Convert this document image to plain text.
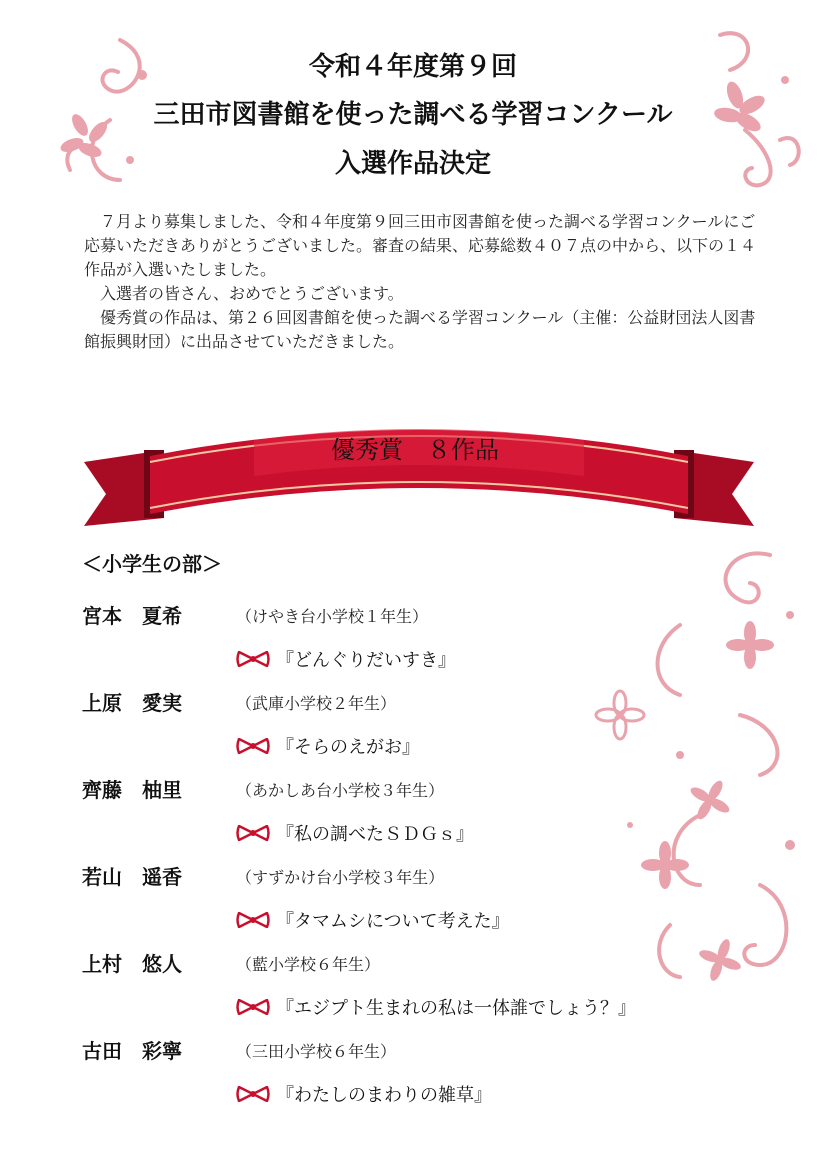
令和４年度第９回
三田市図書館を使った調べる学習コンクール
入選作品決定

７月より募集しました、令和４年度第９回三田市図書館を使った調べる学習コンクールにご応募いただきありがとうございました。審査の結果、応募総数４０７点の中から、以下の１４作品が入選いたしました。

入選者の皆さん、おめでとうございます。

優秀賞の作品は、第２６回図書館を使った調べる学習コンクール（主催：公益財団法人図書館振興財団）に出品させていただきました。

優秀賞　８作品
＜小学生の部＞
宮本　夏希	（けやき台小学校１年生）
『どんぐりだいすき』
上原　愛実	（武庫小学校２年生）
『そらのえがお』
齊藤　柚里	（あかしあ台小学校３年生）
『私の調べたＳＤＧｓ』
若山　遥香	（すずかけ台小学校３年生）
『タマムシについて考えた』
上村　悠人	（藍小学校６年生）
『エジプト生まれの私は一体誰でしょう？』
古田　彩寧	（三田小学校６年生）
『わたしのまわりの雑草』
